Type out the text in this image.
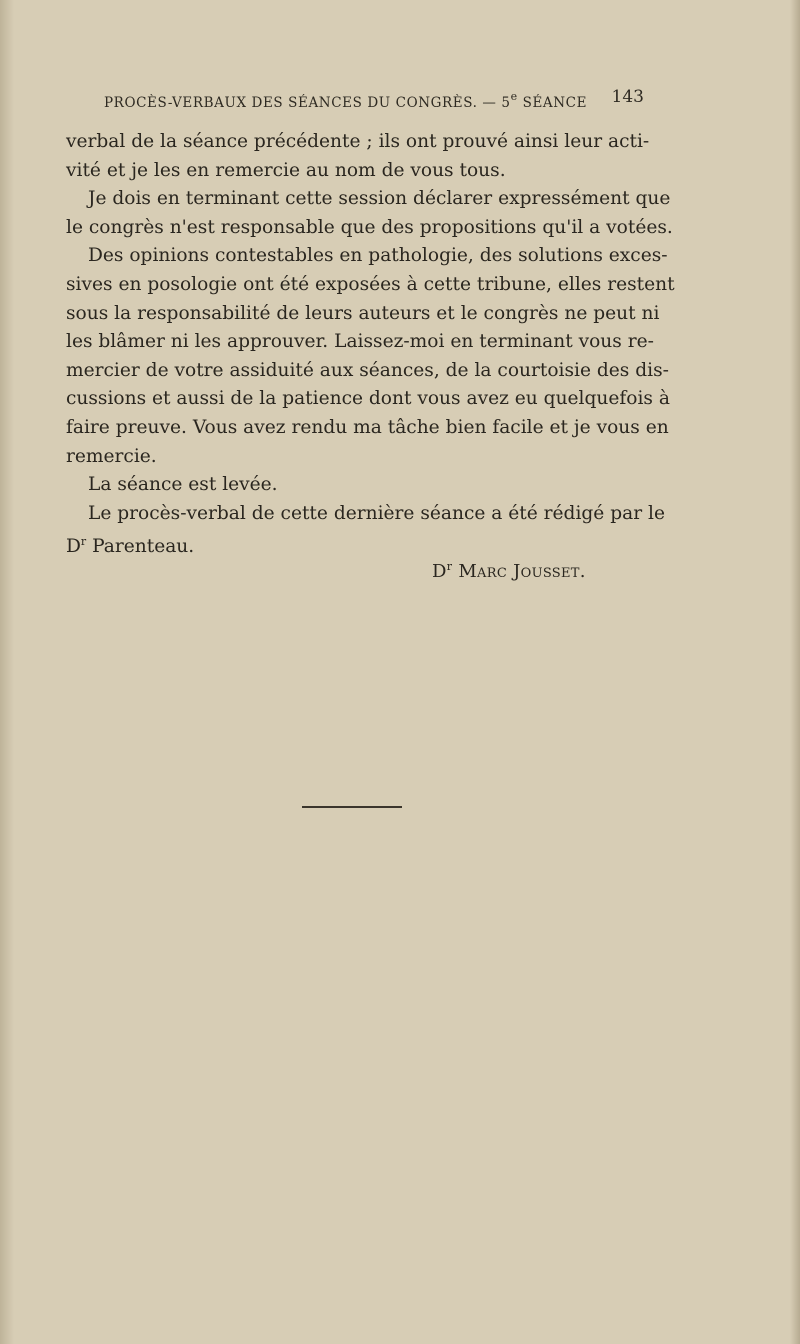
PROCÈS-VERBAUX DES SÉANCES DU CONGRÈS. — 5e SÉANCE 143
verbal de la séance précédente ; ils ont prouvé ainsi leur acti-
vité et je les en remercie au nom de vous tous.
Je dois en terminant cette session déclarer expressément que
le congrès n'est responsable que des propositions qu'il a votées.
Des opinions contestables en pathologie, des solutions exces-
sives en posologie ont été exposées à cette tribune, elles restent
sous la responsabilité de leurs auteurs et le congrès ne peut ni
les blâmer ni les approuver. Laissez-moi en terminant vous re-
mercier de votre assiduité aux séances, de la courtoisie des dis-
cussions et aussi de la patience dont vous avez eu quelquefois à
faire preuve. Vous avez rendu ma tâche bien facile et je vous en
remercie.
La séance est levée.
Le procès-verbal de cette dernière séance a été rédigé par le
$D^r$ Parenteau.
$D^r$ Marc Jousset.
